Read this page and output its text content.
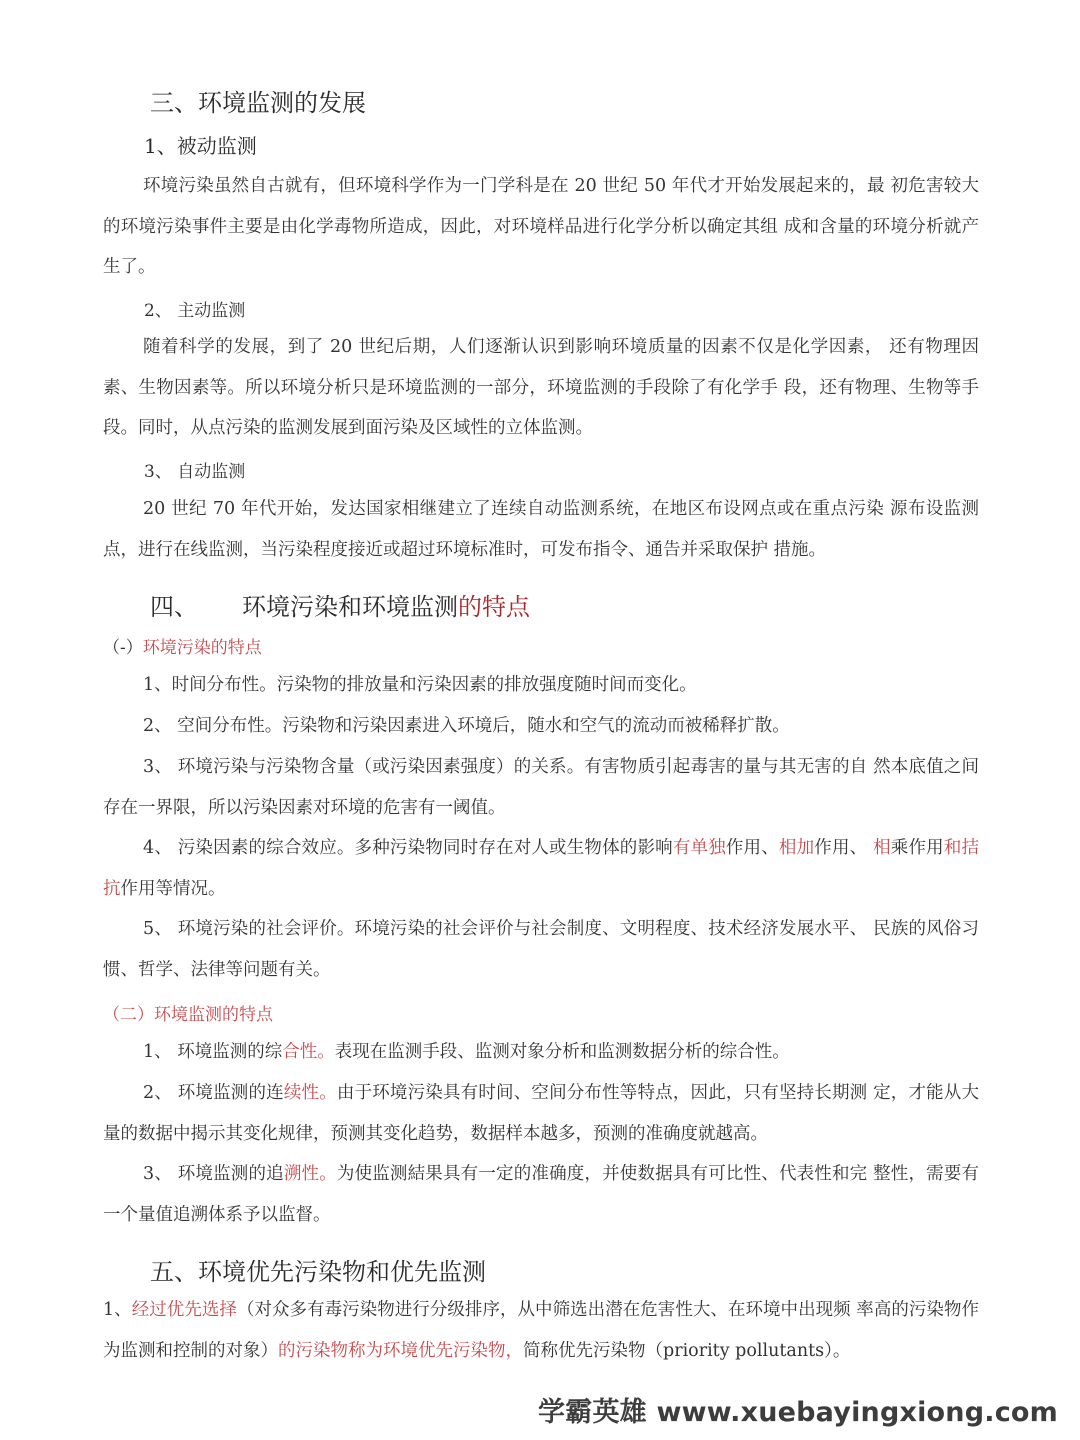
三、环境监测的发展
1、被动监测

环境污染虽然自古就有，但环境科学作为一门学科是在 20 世纪 50 年代才开始发展起来的，最 初危害较大的环境污染事件主要是由化学毒物所造成，因此，对环境样品进行化学分析以确定其组 成和含量的环境分析就产生了。

2、 主动监测

随着科学的发展，到了 20 世纪后期，人们逐渐认识到影响环境质量的因素不仅是化学因素， 还有物理因素、生物因素等。所以环境分析只是环境监测的一部分，环境监测的手段除了有化学手 段，还有物理、生物等手段。同时，从点污染的监测发展到面污染及区域性的立体监测。

3、 自动监测

20 世纪 70 年代开始，发达国家相继建立了连续自动监测系统，在地区布设网点或在重点污染 源布设监测点，进行在线监测，当污染程度接近或超过环境标准时，可发布指令、通告并采取保护 措施。

四、 环境污染和环境监测的特点
（-）环境污染的特点

1、时间分布性。污染物的排放量和污染因素的排放强度随时间而变化。

2、 空间分布性。污染物和污染因素进入环境后，随水和空气的流动而被稀释扩散。

3、 环境污染与污染物含量（或污染因素强度）的关系。有害物质引起毒害的量与其无害的自 然本底值之间存在一界限，所以污染因素对环境的危害有一阈值。

4、 污染因素的综合效应。多种污染物同时存在对人或生物体的影响有单独作用、相加作用、 相乘作用和拮抗作用等情况。

5、 环境污染的社会评价。环境污染的社会评价与社会制度、文明程度、技术经济发展水平、 民族的风俗习惯、哲学、法律等问题有关。

（二）环境监测的特点

1、 环境监测的综合性。表现在监测手段、监测对象分析和监测数据分析的综合性。

2、 环境监测的连续性。由于环境污染具有时间、空间分布性等特点，因此，只有坚持长期测 定，才能从大量的数据中揭示其变化规律，预测其变化趋势，数据样本越多，预测的准确度就越高。

3、 环境监测的追溯性。为使监测結果具有一定的准确度，并使数据具有可比性、代表性和完 整性，需要有一个量值追溯体系予以监督。

五、环境优先污染物和优先监测

1、经过优先选择（对众多有毒污染物进行分级排序，从中筛选出潜在危害性大、在环境中出现频 率高的污染物作为监测和控制的对象）的污染物称为环境优先污染物，简称优先污染物（priority pollutants）。

学霸英雄 www.xuebayingxiong.com
